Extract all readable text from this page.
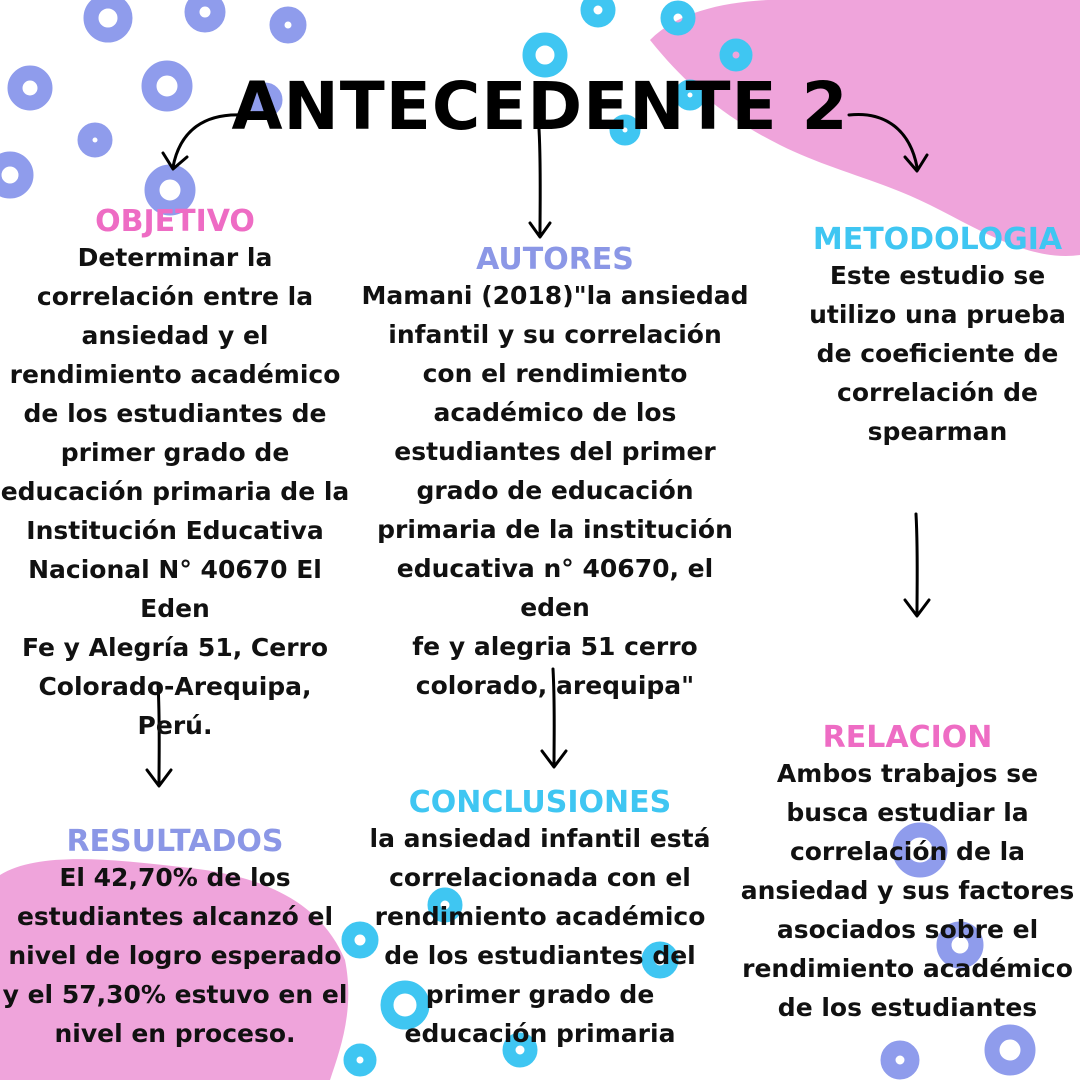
ANTECEDENTE 2
OBJETIVO
Determinar la
correlación entre la
ansiedad y el
rendimiento académico
de los estudiantes de
primer grado de
educación primaria de la
Institución Educativa
Nacional N° 40670 El Eden
Fe y Alegría 51, Cerro
Colorado-Arequipa, Perú.
AUTORES
Mamani (2018)"la ansiedad
infantil y su correlación
con el rendimiento
académico de los
estudiantes del primer
grado de educación
primaria de la institución
educativa n° 40670, el eden
fe y alegria 51 cerro
colorado, arequipa"
METODOLOGIA
Este estudio se
utilizo una prueba
de coeficiente de
correlación de
spearman
RESULTADOS
El 42,70% de los
estudiantes alcanzó el
nivel de logro esperado
y el 57,30% estuvo en el
nivel en proceso.
CONCLUSIONES
la ansiedad infantil está
correlacionada con el
rendimiento académico
de los estudiantes del
primer grado de
educación primaria
RELACION
Ambos trabajos se
busca estudiar la
correlación de la
ansiedad y sus factores
asociados sobre el
rendimiento académico
de los estudiantes
